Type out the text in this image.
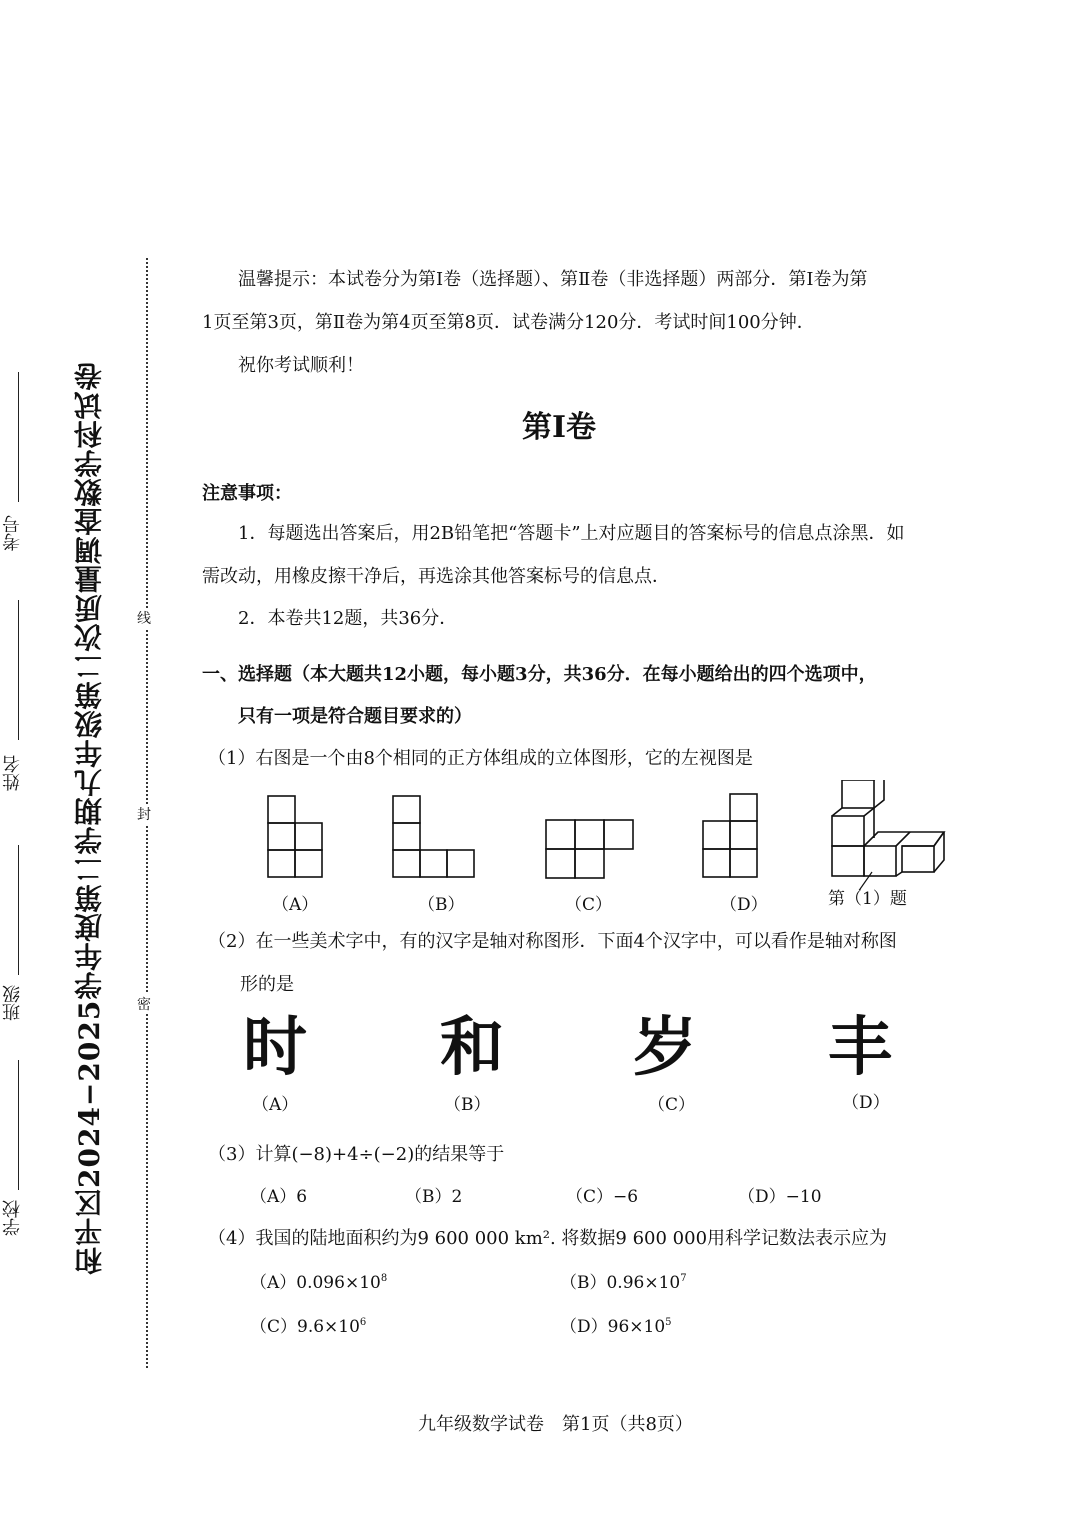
和平区2024−2025学年度第二学期九年级第二次质量调查数学科试卷
学校
班级
姓名
考号
线
封
密
温馨提示：本试卷分为第Ⅰ卷（选择题）、第Ⅱ卷（非选择题）两部分．第Ⅰ卷为第
1页至第3页，第Ⅱ卷为第4页至第8页．试卷满分120分．考试时间100分钟．
祝你考试顺利！
第Ⅰ卷
注意事项：
1．每题选出答案后，用2B铅笔把“答题卡”上对应题目的答案标号的信息点涂黑．如
需改动，用橡皮擦干净后，再选涂其他答案标号的信息点．
2．本卷共12题，共36分．
一、选择题（本大题共12小题，每小题3分，共36分．在每小题给出的四个选项中，
只有一项是符合题目要求的）
（1）右图是一个由8个相同的正方体组成的立体图形，它的左视图是
（A）	（B）	（C）	（D）	第（1）题
（2）在一些美术字中，有的汉字是轴对称图形．下面4个汉字中，可以看作是轴对称图
形的是
时 和 岁 丰
（A）	（B）	（C）	（D）
（3）计算(−8)+4÷(−2)的结果等于
（A）6	（B）2	（C）−6	（D）−10
（4）我国的陆地面积约为9 600 000 km². 将数据9 600 000用科学记数法表示应为
$(A)0.096\times 10^8$	$(B)0.96\times 10^7$
$(C)9.6\times 10^6$	$(D)96\times 10^5$
九年级数学试卷　第1页（共8页）
